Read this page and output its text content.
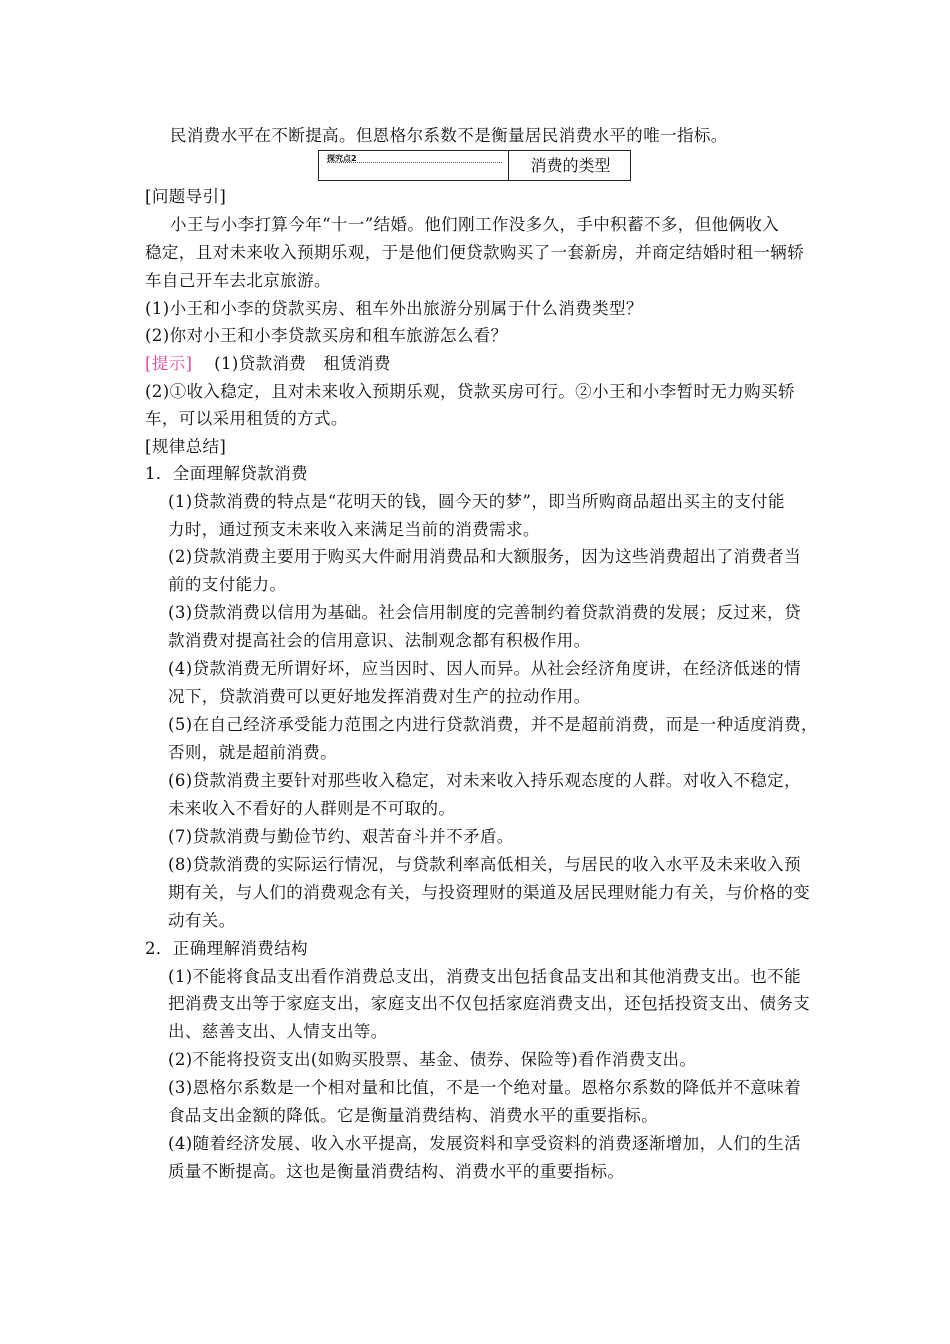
民消费水平在不断提高。但恩格尔系数不是衡量居民消费水平的唯一指标。
探究点2	消费的类型
[问题导引]
小王与小李打算今年“十一”结婚。他们刚工作没多久，手中积蓄不多，但他俩收入
稳定，且对未来收入预期乐观，于是他们便贷款购买了一套新房，并商定结婚时租一辆轿
车自己开车去北京旅游。
(1)小王和小李的贷款买房、租车外出旅游分别属于什么消费类型？
(2)你对小王和小李贷款买房和租车旅游怎么看？
[提示] (1)贷款消费　租赁消费
(2)①收入稳定，且对未来收入预期乐观，贷款买房可行。②小王和小李暂时无力购买轿
车，可以采用租赁的方式。
[规律总结]
1．全面理解贷款消费
(1)贷款消费的特点是“花明天的钱，圆今天的梦”，即当所购商品超出买主的支付能
力时，通过预支未来收入来满足当前的消费需求。
(2)贷款消费主要用于购买大件耐用消费品和大额服务，因为这些消费超出了消费者当
前的支付能力。
(3)贷款消费以信用为基础。社会信用制度的完善制约着贷款消费的发展；反过来，贷
款消费对提高社会的信用意识、法制观念都有积极作用。
(4)贷款消费无所谓好坏，应当因时、因人而异。从社会经济角度讲，在经济低迷的情
况下，贷款消费可以更好地发挥消费对生产的拉动作用。
(5)在自己经济承受能力范围之内进行贷款消费，并不是超前消费，而是一种适度消费，
否则，就是超前消费。
(6)贷款消费主要针对那些收入稳定，对未来收入持乐观态度的人群。对收入不稳定，
未来收入不看好的人群则是不可取的。
(7)贷款消费与勤俭节约、艰苦奋斗并不矛盾。
(8)贷款消费的实际运行情况，与贷款利率高低相关，与居民的收入水平及未来收入预
期有关，与人们的消费观念有关，与投资理财的渠道及居民理财能力有关，与价格的变
动有关。
2．正确理解消费结构
(1)不能将食品支出看作消费总支出，消费支出包括食品支出和其他消费支出。也不能
把消费支出等于家庭支出，家庭支出不仅包括家庭消费支出，还包括投资支出、债务支
出、慈善支出、人情支出等。
(2)不能将投资支出(如购买股票、基金、债券、保险等)看作消费支出。
(3)恩格尔系数是一个相对量和比值，不是一个绝对量。恩格尔系数的降低并不意味着
食品支出金额的降低。它是衡量消费结构、消费水平的重要指标。
(4)随着经济发展、收入水平提高，发展资料和享受资料的消费逐渐增加，人们的生活
质量不断提高。这也是衡量消费结构、消费水平的重要指标。
